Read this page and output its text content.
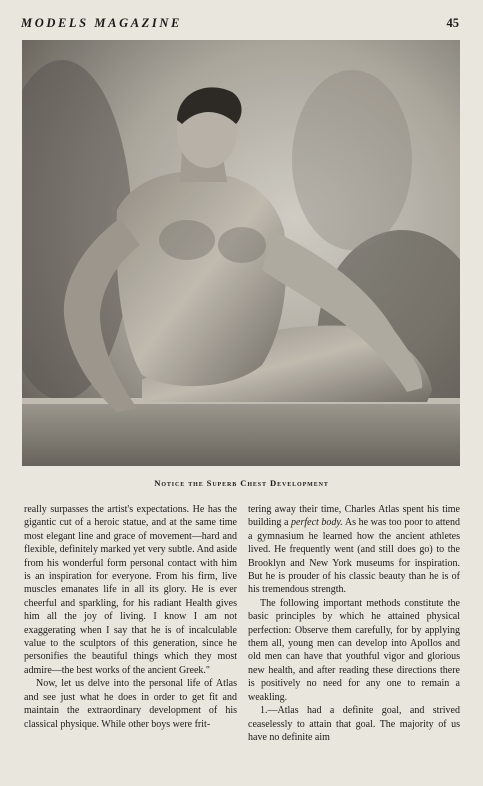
MODELS MAGAZINE	45
Notice the Superb Chest Development

really surpasses the artist's expectations. He has the gigantic cut of a heroic statue, and at the same time most elegant line and grace of movement—hard and flexible, definitely marked yet very subtle. And aside from his wonderful form personal contact with him is an inspiration for everyone. From his firm, live muscles emanates life in all its glory. He is ever cheerful and sparkling, for his radiant Health gives him all the joy of living. I know I am not exaggerating when I say that he is of incalculable value to the sculptors of this generation, since he personifies the beautiful things which they most admire—the best works of the ancient Greek."

Now, let us delve into the personal life of Atlas and see just what he does in order to get fit and maintain the extraordinary development of his classical physique. While other boys were frit-

tering away their time, Charles Atlas spent his time building a perfect body. As he was too poor to attend a gymnasium he learned how the ancient athletes lived. He frequently went (and still does go) to the Brooklyn and New York museums for inspiration. But he is prouder of his classic beauty than he is of his tremendous strength.

The following important methods constitute the basic principles by which he attained physical perfection: Observe them carefully, for by applying them all, young men can develop into Apollos and old men can have that youthful vigor and glorious new health, and after reading these directions there is positively no need for any one to remain a weakling.

1.—Atlas had a definite goal, and strived ceaselessly to attain that goal. The majority of us have no definite aim
